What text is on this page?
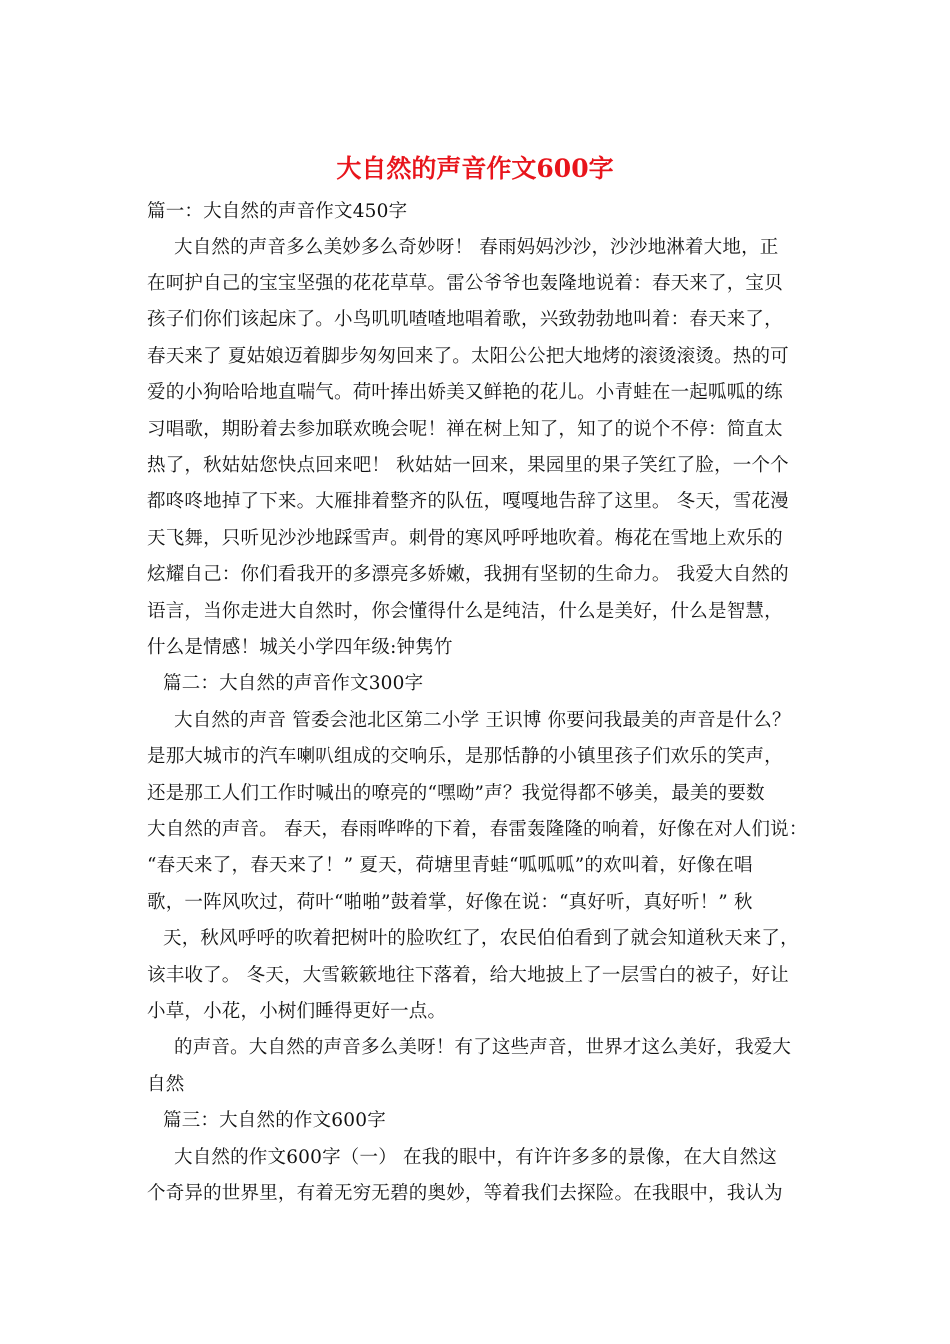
大自然的声音作文600字
篇一：大自然的声音作文450字
大自然的声音多么美妙多么奇妙呀！ 春雨妈妈沙沙，沙沙地淋着大地，正
在呵护自己的宝宝坚强的花花草草。雷公爷爷也轰隆地说着：春天来了，宝贝
孩子们你们该起床了。小鸟叽叽喳喳地唱着歌，兴致勃勃地叫着：春天来了，
春天来了 夏姑娘迈着脚步匆匆回来了。太阳公公把大地烤的滚烫滚烫。热的可
爱的小狗哈哈地直喘气。荷叶捧出娇美又鲜艳的花儿。小青蛙在一起呱呱的练
习唱歌，期盼着去参加联欢晚会呢！禅在树上知了，知了的说个不停：简直太
热了，秋姑姑您快点回来吧！ 秋姑姑一回来，果园里的果子笑红了脸，一个个
都咚咚地掉了下来。大雁排着整齐的队伍，嘎嘎地告辞了这里。 冬天，雪花漫
天飞舞，只听见沙沙地踩雪声。刺骨的寒风呼呼地吹着。梅花在雪地上欢乐的
炫耀自己：你们看我开的多漂亮多娇嫩，我拥有坚韧的生命力。 我爱大自然的
语言，当你走进大自然时，你会懂得什么是纯洁，什么是美好，什么是智慧，
什么是情感！城关小学四年级:钟隽竹
篇二：大自然的声音作文300字
大自然的声音 管委会池北区第二小学 王识博 你要问我最美的声音是什么？
是那大城市的汽车喇叭组成的交响乐，是那恬静的小镇里孩子们欢乐的笑声，
还是那工人们工作时喊出的嘹亮的“嘿呦”声？我觉得都不够美，最美的要数
大自然的声音。 春天，春雨哗哗的下着，春雷轰隆隆的响着，好像在对人们说：
“春天来了，春天来了！” 夏天，荷塘里青蛙“呱呱呱”的欢叫着，好像在唱
歌，一阵风吹过，荷叶“啪啪”鼓着掌，好像在说：“真好听，真好听！” 秋
天，秋风呼呼的吹着把树叶的脸吹红了，农民伯伯看到了就会知道秋天来了，
该丰收了。 冬天，大雪簌簌地往下落着，给大地披上了一层雪白的被子，好让
小草，小花，小树们睡得更好一点。
的声音。大自然的声音多么美呀！有了这些声音，世界才这么美好，我爱大
自然
篇三：大自然的作文600字
大自然的作文600字（一） 在我的眼中，有许许多多的景像，在大自然这
个奇异的世界里，有着无穷无碧的奥妙，等着我们去探险。在我眼中，我认为
